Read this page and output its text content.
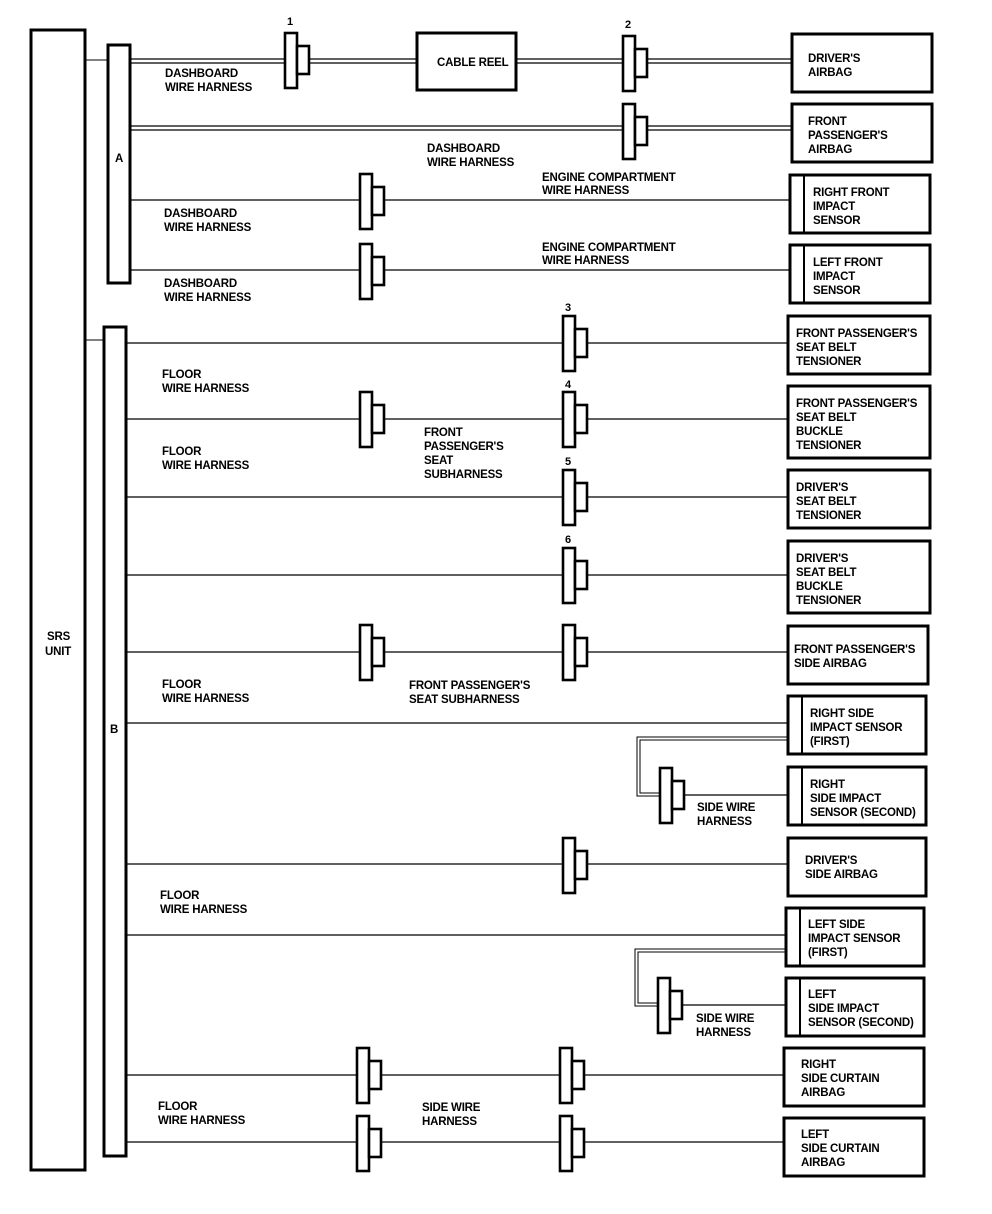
SRS UNIT
A
B
CABLE REEL
1	2
3
4
5
6
DRIVER'S AIRBAG
FRONT PASSENGER'S AIRBAG
RIGHT FRONT IMPACT SENSOR
LEFT FRONT IMPACT SENSOR
FRONT PASSENGER'S SEAT BELT TENSIONER
FRONT PASSENGER'S SEAT BELT BUCKLE TENSIONER
DRIVER'S SEAT BELT TENSIONER
DRIVER'S SEAT BELT BUCKLE TENSIONER
FRONT PASSENGER'S SIDE AIRBAG
RIGHT SIDE IMPACT SENSOR (FIRST)
RIGHT SIDE IMPACT SENSOR (SECOND)
DRIVER'S SIDE AIRBAG
LEFT SIDE IMPACT SENSOR (FIRST)
LEFT SIDE IMPACT SENSOR (SECOND)
RIGHT SIDE CURTAIN AIRBAG
LEFT SIDE CURTAIN AIRBAG
DASHBOARD WIRE HARNESS
DASHBOARD WIRE HARNESS
ENGINE COMPARTMENT WIRE HARNESS
DASHBOARD WIRE HARNESS
ENGINE COMPARTMENT WIRE HARNESS
DASHBOARD WIRE HARNESS
FLOOR WIRE HARNESS
FLOOR WIRE HARNESS
FRONT PASSENGER'S SEAT SUBHARNESS
FLOOR WIRE HARNESS
FRONT PASSENGER'S SEAT SUBHARNESS
SIDE WIRE HARNESS
FLOOR WIRE HARNESS
SIDE WIRE HARNESS
FLOOR WIRE HARNESS
SIDE WIRE HARNESS
